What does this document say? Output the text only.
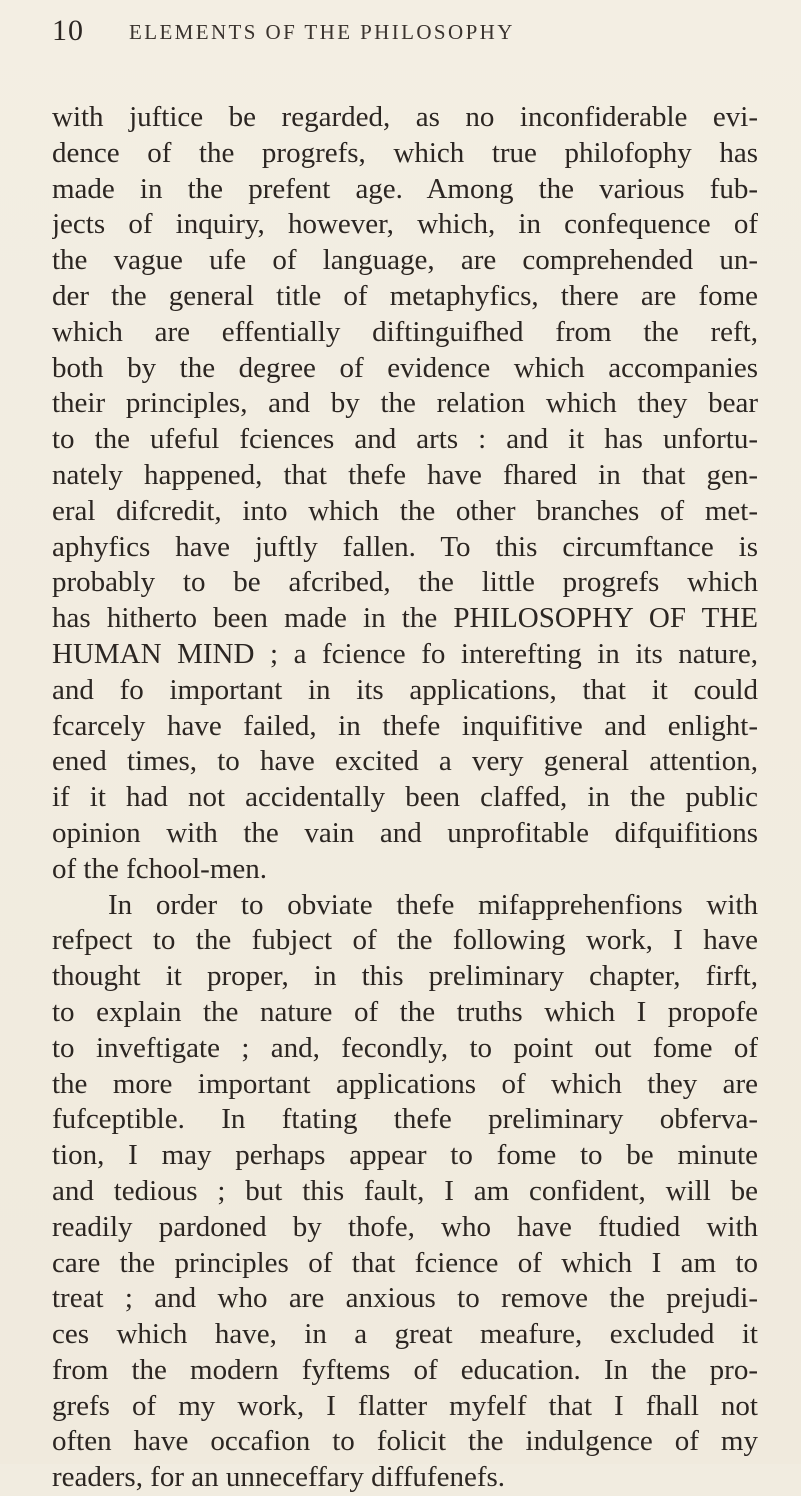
10 ELEMENTS OF THE PHILOSOPHY
with juftice be regarded, as no inconfiderable evi-
dence of the progrefs, which true philofophy has
made in the prefent age. Among the various fub-
jects of inquiry, however, which, in confequence of
the vague ufe of language, are comprehended un-
der the general title of metaphyfics, there are fome
which are effentially diftinguifhed from the reft,
both by the degree of evidence which accompanies
their principles, and by the relation which they bear
to the ufeful fciences and arts : and it has unfortu-
nately happened, that thefe have fhared in that gen-
eral difcredit, into which the other branches of met-
aphyfics have juftly fallen. To this circumftance is
probably to be afcribed, the little progrefs which
has hitherto been made in the PHILOSOPHY OF THE
HUMAN MIND ; a fcience fo interefting in its nature,
and fo important in its applications, that it could
fcarcely have failed, in thefe inquifitive and enlight-
ened times, to have excited a very general attention,
if it had not accidentally been claffed, in the public
opinion with the vain and unprofitable difquifitions
of the fchool-men.
In order to obviate thefe mifapprehenfions with
refpect to the fubject of the following work, I have
thought it proper, in this preliminary chapter, firft,
to explain the nature of the truths which I propofe
to inveftigate ; and, fecondly, to point out fome of
the more important applications of which they are
fufceptible. In ftating thefe preliminary obferva-
tion, I may perhaps appear to fome to be minute
and tedious ; but this fault, I am confident, will be
readily pardoned by thofe, who have ftudied with
care the principles of that fcience of which I am to
treat ; and who are anxious to remove the prejudi-
ces which have, in a great meafure, excluded it
from the modern fyftems of education. In the pro-
grefs of my work, I flatter myfelf that I fhall not
often have occafion to folicit the indulgence of my
readers, for an unneceffary diffufenefs.
